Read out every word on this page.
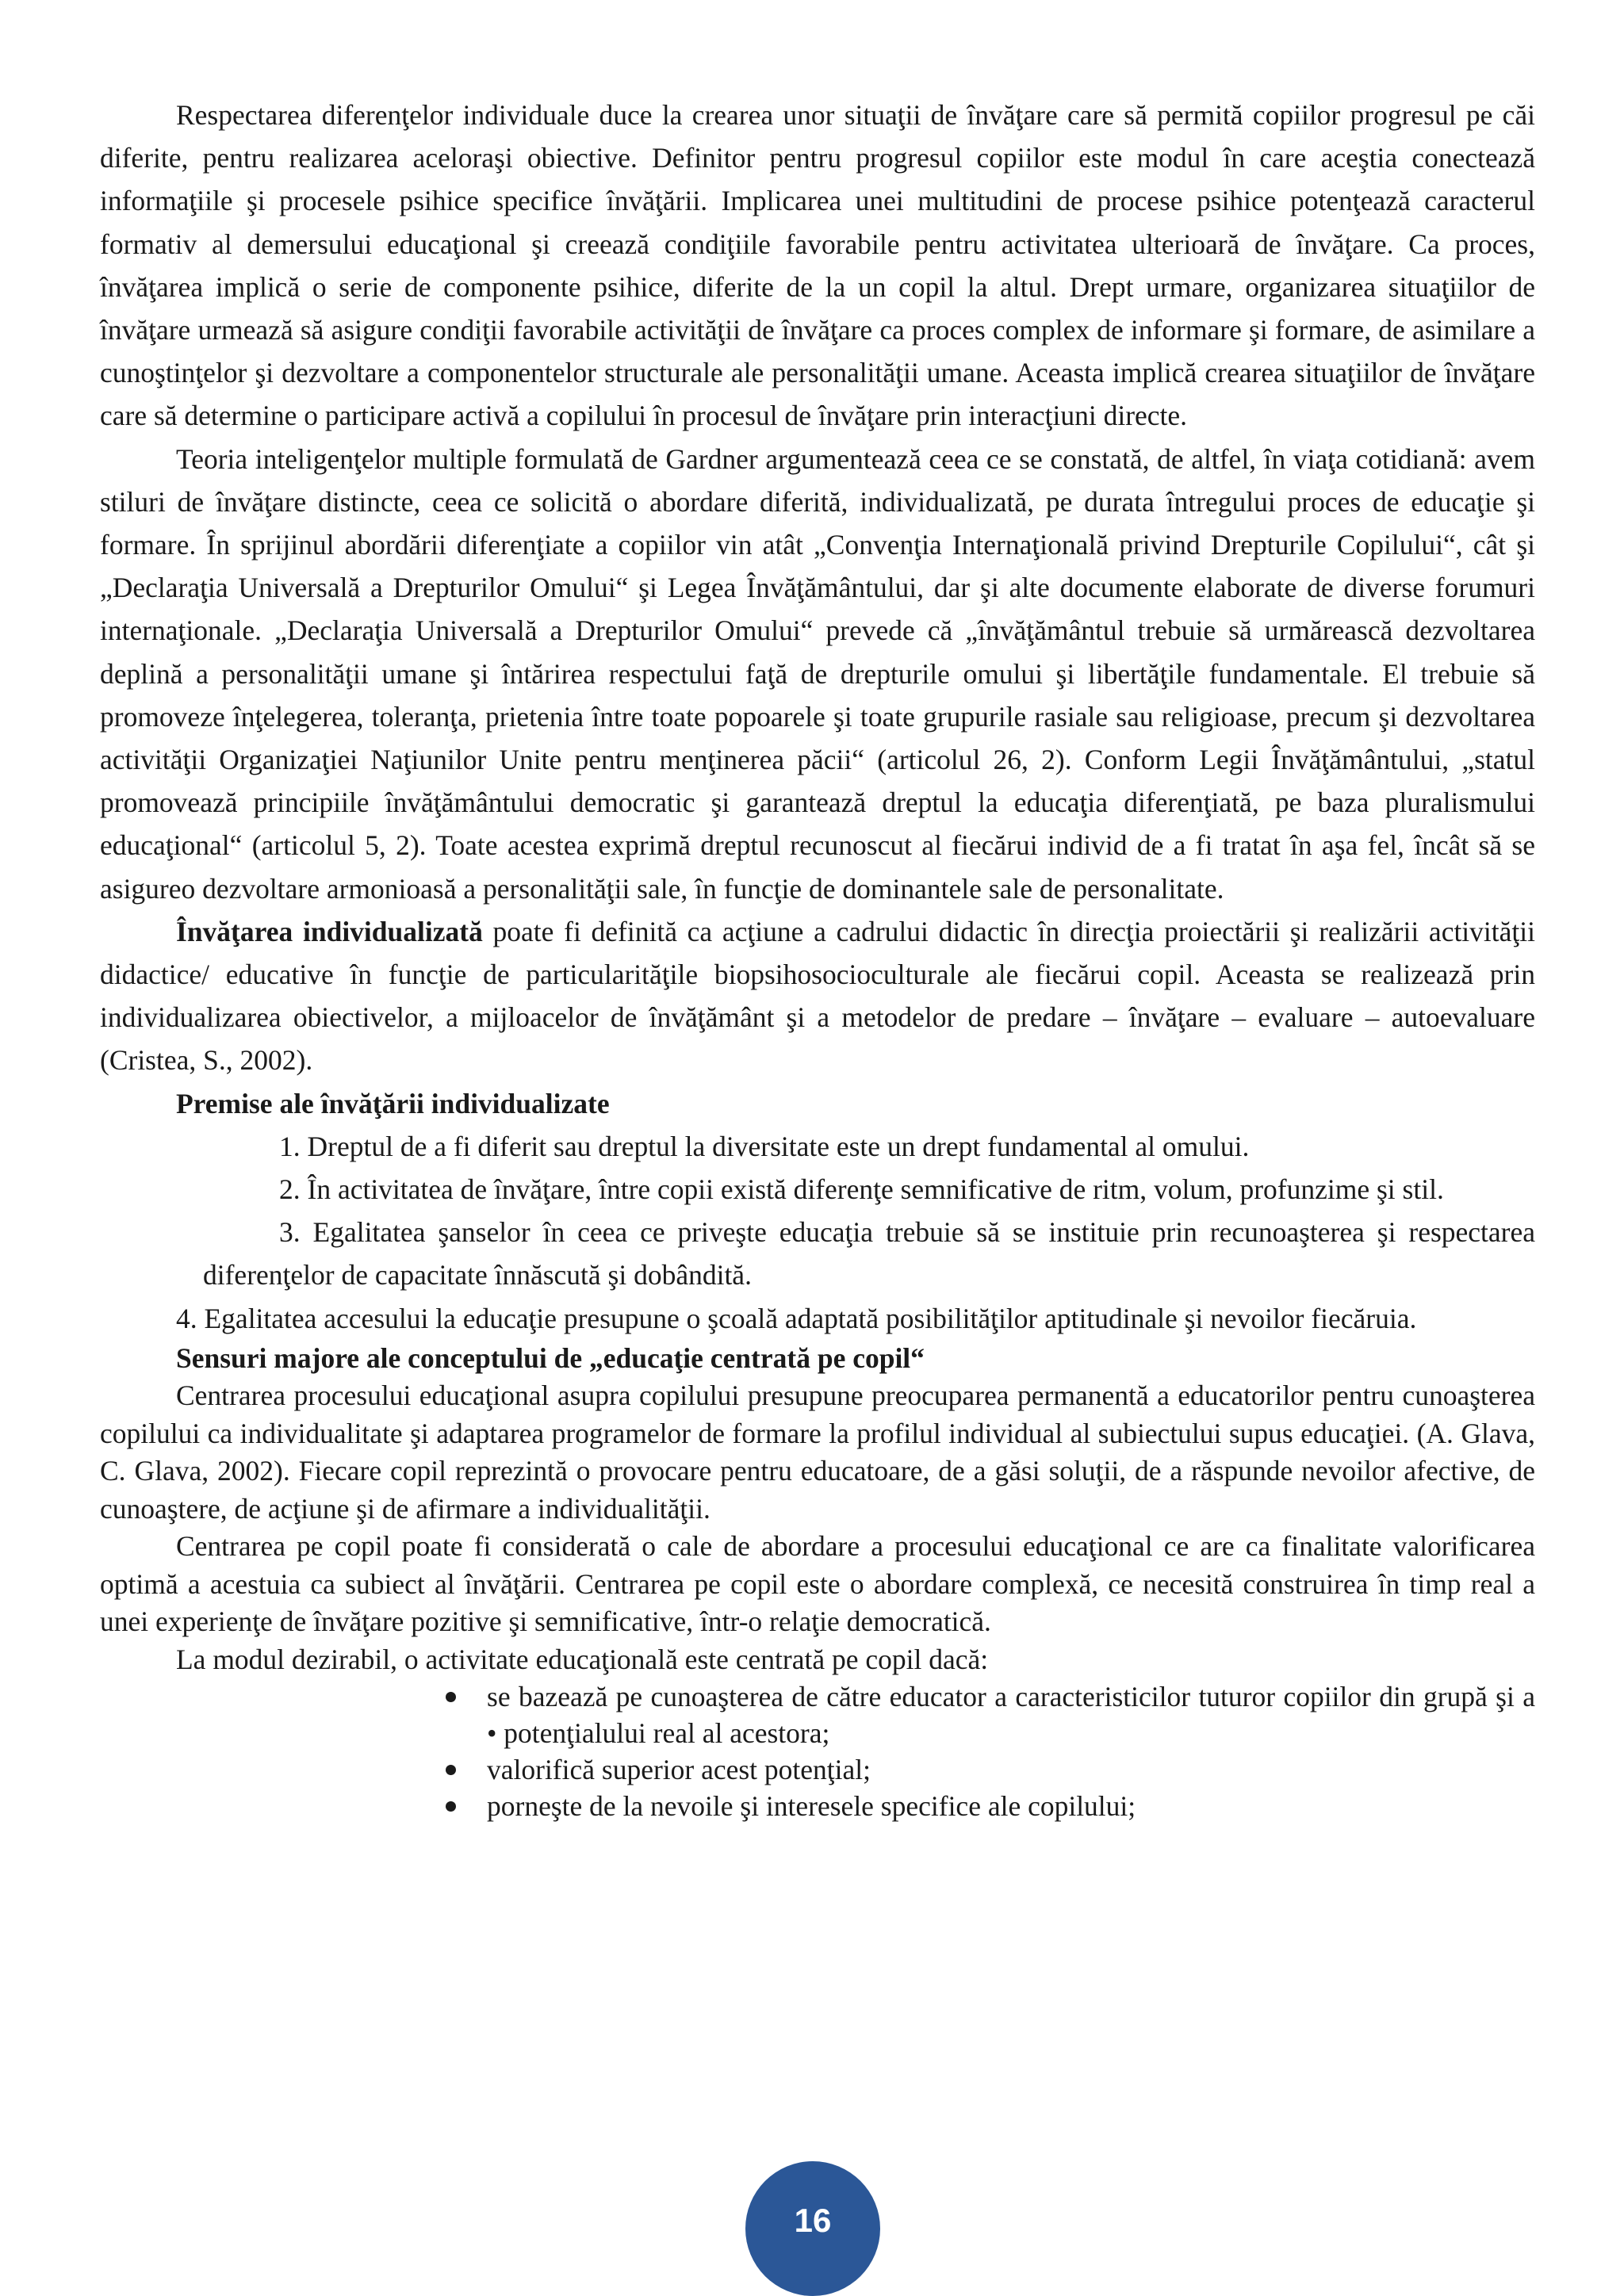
Respectarea diferenţelor individuale duce la crearea unor situaţii de învăţare care să permită copiilor progresul pe căi diferite, pentru realizarea aceloraşi obiective. Definitor pentru progresul copiilor este modul în care aceştia conectează informaţiile şi procesele psihice specifice învăţării. Implicarea unei multitudini de procese psihice potenţează caracterul formativ al demersului educaţional şi creează condiţiile favorabile pentru activitatea ulterioară de învăţare. Ca proces, învăţarea implică o serie de componente psihice, diferite de la un copil la altul. Drept urmare, organizarea situaţiilor de învăţare urmează să asigure condiţii favorabile activităţii de învăţare ca proces complex de informare şi formare, de asimilare a cunoştinţelor şi dezvoltare a componentelor structurale ale personalităţii umane. Aceasta implică crearea situaţiilor de învăţare care să determine o participare activă a copilului în procesul de învăţare prin interacţiuni directe.

Teoria inteligenţelor multiple formulată de Gardner argumentează ceea ce se constată, de altfel, în viaţa cotidiană: avem stiluri de învăţare distincte, ceea ce solicită o abordare diferită, individualizată, pe durata întregului proces de educaţie şi formare. În sprijinul abordării diferenţiate a copiilor vin atât „Convenţia Internaţională privind Drepturile Copilului“, cât şi „Declaraţia Universală a Drepturilor Omului“ şi Legea Învăţământului, dar şi alte documente elaborate de diverse forumuri internaţionale. „Declaraţia Universală a Drepturilor Omului“ prevede că „învăţământul trebuie să urmărească dezvoltarea deplină a personalităţii umane şi întărirea respectului faţă de drepturile omului şi libertăţile fundamentale. El trebuie să promoveze înţelegerea, toleranţa, prietenia între toate popoarele şi toate grupurile rasiale sau religioase, precum şi dezvoltarea activităţii Organizaţiei Naţiunilor Unite pentru menţinerea păcii“ (articolul 26, 2). Conform Legii Învăţământului, „statul promovează principiile învăţământului democratic şi garantează dreptul la educaţia diferenţiată, pe baza pluralismului educaţional“ (articolul 5, 2). Toate acestea exprimă dreptul recunoscut al fiecărui individ de a fi tratat în aşa fel, încât să se asigureo dezvoltare armonioasă a personalităţii sale, în funcţie de dominantele sale de personalitate.

Învăţarea individualizată poate fi definită ca acţiune a cadrului didactic în direcţia proiectării şi realizării activităţii didactice/ educative în funcţie de particularităţile biopsihosocioculturale ale fiecărui copil. Aceasta se realizează prin individualizarea obiectivelor, a mijloacelor de învăţământ şi a metodelor de predare – învăţare – evaluare – autoevaluare (Cristea, S., 2002).

Premise ale învăţării individualizate

1. Dreptul de a fi diferit sau dreptul la diversitate este un drept fundamental al omului.

2. În activitatea de învăţare, între copii există diferenţe semnificative de ritm, volum, profunzime şi stil.

3. Egalitatea şanselor în ceea ce priveşte educaţia trebuie să se instituie prin recunoaşterea şi respectarea diferenţelor de capacitate înnăscută şi dobândită.

4. Egalitatea accesului la educaţie presupune o şcoală adaptată posibilităţilor aptitudinale şi nevoilor fiecăruia.

Sensuri majore ale conceptului de „educaţie centrată pe copil“

Centrarea procesului educaţional asupra copilului presupune preocuparea permanentă a educatorilor pentru cunoaşterea copilului ca individualitate şi adaptarea programelor de formare la profilul individual al subiectului supus educaţiei. (A. Glava, C. Glava, 2002). Fiecare copil reprezintă o provocare pentru educatoare, de a găsi soluţii, de a răspunde nevoilor afective, de cunoaştere, de acţiune şi de afirmare a individualităţii.

Centrarea pe copil poate fi considerată o cale de abordare a procesului educaţional ce are ca finalitate valorificarea optimă a acestuia ca subiect al învăţării. Centrarea pe copil este o abordare complexă, ce necesită construirea în timp real a unei experienţe de învăţare pozitive şi semnificative, într-o relaţie democratică.

La modul dezirabil, o activitate educaţională este centrată pe copil dacă:

se bazează pe cunoaşterea de către educator a caracteristicilor tuturor copiilor din grupă şi a • potenţialului real al acestora;
valorifică superior acest potenţial;
porneşte de la nevoile şi interesele specifice ale copilului;
16
